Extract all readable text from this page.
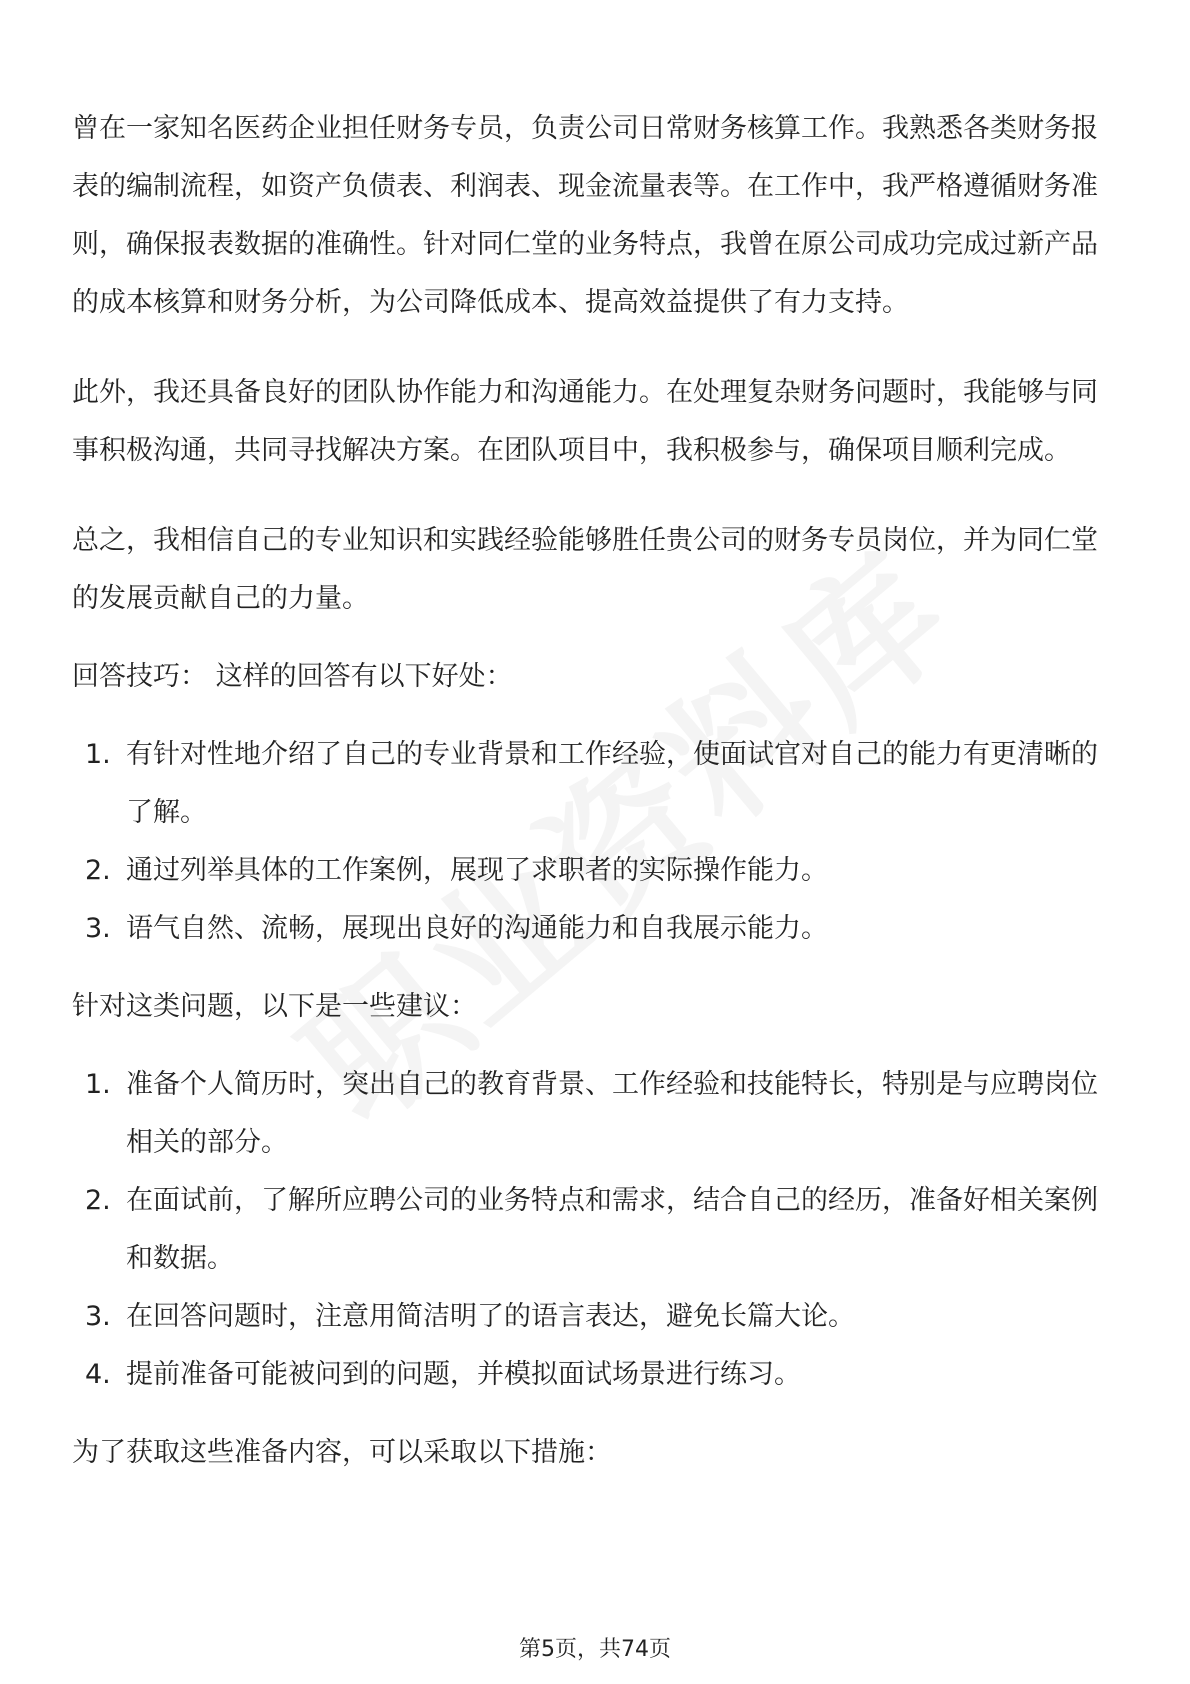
曾在一家知名医药企业担任财务专员，负责公司日常财务核算工作。我熟悉各类财务报表的编制流程，如资产负债表、利润表、现金流量表等。在工作中，我严格遵循财务准则，确保报表数据的准确性。针对同仁堂的业务特点，我曾在原公司成功完成过新产品的成本核算和财务分析，为公司降低成本、提高效益提供了有力支持。

此外，我还具备良好的团队协作能力和沟通能力。在处理复杂财务问题时，我能够与同事积极沟通，共同寻找解决方案。在团队项目中，我积极参与，确保项目顺利完成。

总之，我相信自己的专业知识和实践经验能够胜任贵公司的财务专员岗位，并为同仁堂的发展贡献自己的力量。

回答技巧： 这样的回答有以下好处：

1. 有针对性地介绍了自己的专业背景和工作经验，使面试官对自己的能力有更清晰的了解。
2. 通过列举具体的工作案例，展现了求职者的实际操作能力。
3. 语气自然、流畅，展现出良好的沟通能力和自我展示能力。

针对这类问题，以下是一些建议：

1. 准备个人简历时，突出自己的教育背景、工作经验和技能特长，特别是与应聘岗位相关的部分。
2. 在面试前，了解所应聘公司的业务特点和需求，结合自己的经历，准备好相关案例和数据。
3. 在回答问题时，注意用简洁明了的语言表达，避免长篇大论。
4. 提前准备可能被问到的问题，并模拟面试场景进行练习。

为了获取这些准备内容，可以采取以下措施：

第5页，共74页
